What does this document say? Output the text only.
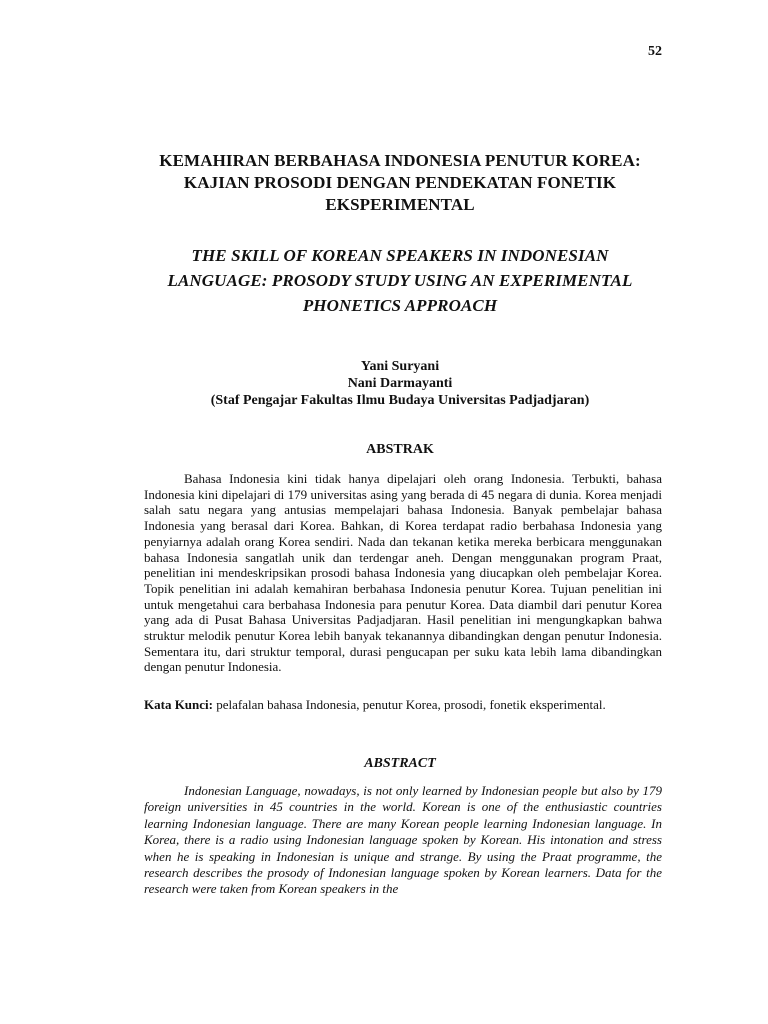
52
KEMAHIRAN BERBAHASA INDONESIA PENUTUR KOREA:
KAJIAN PROSODI DENGAN PENDEKATAN FONETIK
EKSPERIMENTAL
THE SKILL OF KOREAN SPEAKERS IN INDONESIAN
LANGUAGE: PROSODY STUDY USING AN EXPERIMENTAL
PHONETICS APPROACH
Yani Suryani
Nani Darmayanti
(Staf Pengajar Fakultas Ilmu Budaya Universitas Padjadjaran)
ABSTRAK

Bahasa Indonesia kini tidak hanya dipelajari oleh orang Indonesia. Terbukti, bahasa Indonesia kini dipelajari di 179 universitas asing yang berada di 45 negara di dunia. Korea menjadi salah satu negara yang antusias mempelajari bahasa Indonesia. Banyak pembelajar bahasa Indonesia yang berasal dari Korea. Bahkan, di Korea terdapat radio berbahasa Indonesia yang penyiarnya adalah orang Korea sendiri. Nada dan tekanan ketika mereka berbicara menggunakan bahasa Indonesia sangatlah unik dan terdengar aneh. Dengan menggunakan program Praat, penelitian ini mendeskripsikan prosodi bahasa Indonesia yang diucapkan oleh pembelajar Korea. Topik penelitian ini adalah kemahiran berbahasa Indonesia penutur Korea. Tujuan penelitian ini untuk mengetahui cara berbahasa Indonesia para penutur Korea. Data diambil dari penutur Korea yang ada di Pusat Bahasa Universitas Padjadjaran. Hasil penelitian ini mengungkapkan bahwa struktur melodik penutur Korea lebih banyak tekanannya dibandingkan dengan penutur Indonesia. Sementara itu, dari struktur temporal, durasi pengucapan per suku kata lebih lama dibandingkan dengan penutur Indonesia.

Kata Kunci: pelafalan bahasa Indonesia, penutur Korea, prosodi, fonetik eksperimental.

ABSTRACT

Indonesian Language, nowadays, is not only learned by Indonesian people but also by 179 foreign universities in 45 countries in the world. Korean is one of the enthusiastic countries learning Indonesian language. There are many Korean people learning Indonesian language. In Korea, there is a radio using Indonesian language spoken by Korean. His intonation and stress when he is speaking in Indonesian is unique and strange. By using the Praat programme, the research describes the prosody of Indonesian language spoken by Korean learners. Data for the research were taken from Korean speakers in the
